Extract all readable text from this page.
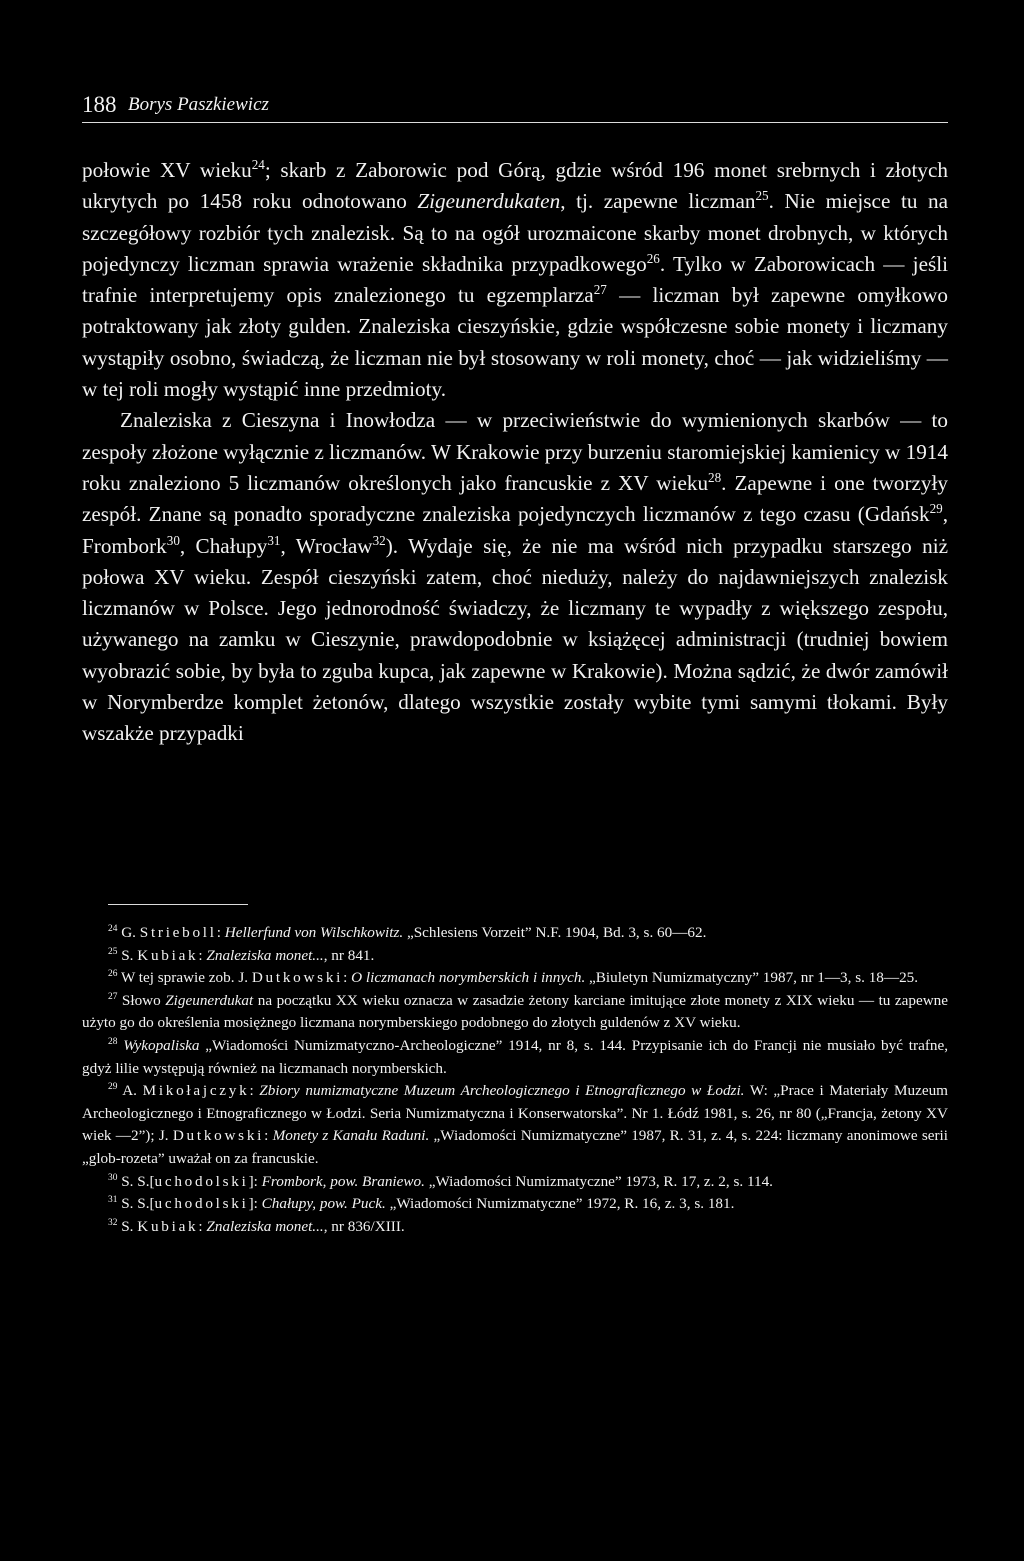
188 Borys Paszkiewicz

połowie XV wieku$^{24}$; skarb z Zaborowic pod Górą, gdzie wśród 196 monet srebrnych i złotych ukrytych po 1458 roku odnotowano Zigeunerdukaten, tj. zapewne liczman$^{25}$. Nie miejsce tu na szczegółowy rozbiór tych znalezisk. Są to na ogół urozmaicone skarby monet drobnych, w których pojedynczy liczman sprawia wrażenie składnika przypadkowego$^{26}$. Tylko w Zaborowicach — jeśli trafnie interpretujemy opis znalezionego tu egzemplarza$^{27}$ — liczman był zapewne omyłkowo potraktowany jak złoty gulden. Znaleziska cieszyńskie, gdzie współczesne sobie monety i liczmany wystąpiły osobno, świadczą, że liczman nie był stosowany w roli monety, choć — jak widzieliśmy — w tej roli mogły wystąpić inne przedmioty.

Znaleziska z Cieszyna i Inowłodza — w przeciwieństwie do wymienionych skarbów — to zespoły złożone wyłącznie z liczmanów. W Krakowie przy burzeniu staromiejskiej kamienicy w 1914 roku znaleziono 5 liczmanów określonych jako francuskie z XV wieku$^{28}$. Zapewne i one tworzyły zespół. Znane są ponadto sporadyczne znaleziska pojedynczych liczmanów z tego czasu (Gdańsk$^{29}$, Frombork$^{30}$, Chałupy$^{31}$, Wrocław$^{32}$). Wydaje się, że nie ma wśród nich przypadku starszego niż połowa XV wieku. Zespół cieszyński zatem, choć nieduży, należy do najdawniejszych znalezisk liczmanów w Polsce. Jego jednorodność świadczy, że liczmany te wypadły z większego zespołu, używanego na zamku w Cieszynie, prawdopodobnie w książęcej administracji (trudniej bowiem wyobrazić sobie, by była to zguba kupca, jak zapewne w Krakowie). Można sądzić, że dwór zamówił w Norymberdze komplet żetonów, dlatego wszystkie zostały wybite tymi samymi tłokami. Były wszakże przypadki

$^{24}$ G. Strieboll: Hellerfund von Wilschkowitz. „Schlesiens Vorzeit” N.F. 1904, Bd. 3, s. 60—62.

$^{25}$ S. Kubiak: Znaleziska monet..., nr 841.

$^{26}$ W tej sprawie zob. J. Dutkowski: O liczmanach norymberskich i innych. „Biuletyn Numizmatyczny” 1987, nr 1—3, s. 18—25.

$^{27}$ Słowo Zigeunerdukat na początku XX wieku oznacza w zasadzie żetony karciane imitujące złote monety z XIX wieku — tu zapewne użyto go do określenia mosiężnego liczmana norymberskiego podobnego do złotych guldenów z XV wieku.

$^{28}$ Wykopaliska „Wiadomości Numizmatyczno-Archeologiczne” 1914, nr 8, s. 144. Przypisanie ich do Francji nie musiało być trafne, gdyż lilie występują również na liczmanach norymberskich.

$^{29}$ A. Mikołajczyk: Zbiory numizmatyczne Muzeum Archeologicznego i Etnograficznego w Łodzi. W: „Prace i Materiały Muzeum Archeologicznego i Etnograficznego w Łodzi. Seria Numizmatyczna i Konserwatorska”. Nr 1. Łódź 1981, s. 26, nr 80 („Francja, żetony XV wiek —2”); J. Dutkowski: Monety z Kanału Raduni. „Wiadomości Numizmatyczne” 1987, R. 31, z. 4, s. 224: liczmany anonimowe serii „glob-rozeta” uważał on za francuskie.

$^{30}$ S. S.[uchodolski]: Frombork, pow. Braniewo. „Wiadomości Numizmatyczne” 1973, R. 17, z. 2, s. 114.

$^{31}$ S. S.[uchodolski]: Chałupy, pow. Puck. „Wiadomości Numizmatyczne” 1972, R. 16, z. 3, s. 181.

$^{32}$ S. Kubiak: Znaleziska monet..., nr 836/XIII.
